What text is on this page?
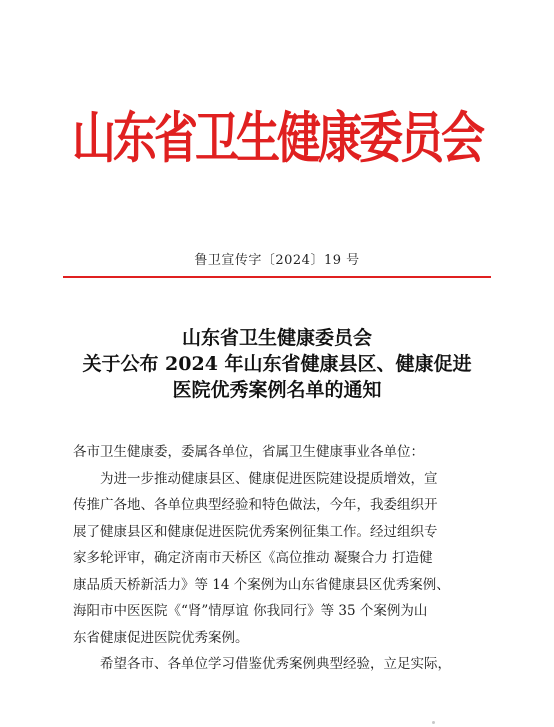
山东省卫生健康委员会
鲁卫宣传字〔2024〕19 号
山东省卫生健康委员会
关于公布 2024 年山东省健康县区、健康促进
医院优秀案例名单的通知
各市卫生健康委，委属各单位，省属卫生健康事业各单位：
为进一步推动健康县区、健康促进医院建设提质增效，宣
传推广各地、各单位典型经验和特色做法，今年，我委组织开
展了健康县区和健康促进医院优秀案例征集工作。经过组织专
家多轮评审，确定济南市天桥区《高位推动 凝聚合力 打造健
康品质天桥新活力》等 14 个案例为山东省健康县区优秀案例、
海阳市中医医院《“肾”情厚谊 你我同行》等 35 个案例为山
东省健康促进医院优秀案例。
希望各市、各单位学习借鉴优秀案例典型经验，立足实际，
